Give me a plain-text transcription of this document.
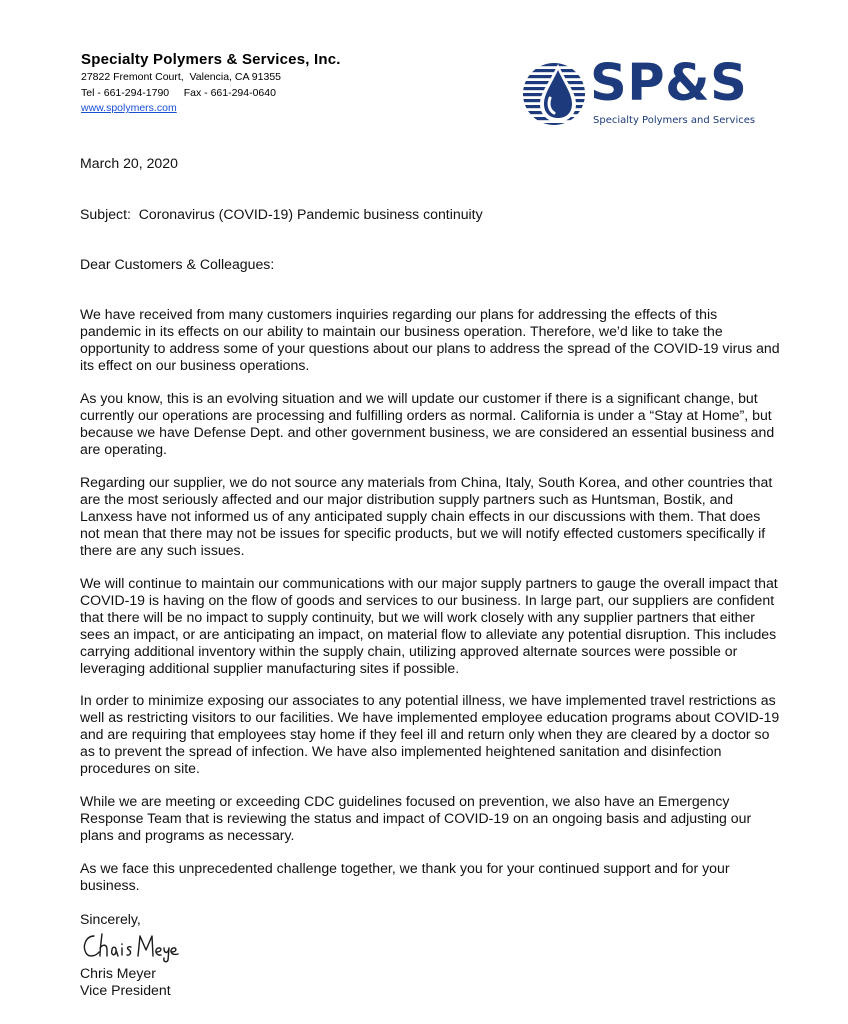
Specialty Polymers & Services, Inc.
27822 Fremont Court,  Valencia, CA 91355
Tel - 661-294-1790     Fax - 661-294-0640
www.spolymers.com	SP&S
Specialty Polymers and Services
March 20, 2020
Subject:  Coronavirus (COVID-19) Pandemic business continuity
Dear Customers & Colleagues:
We have received from many customers inquiries regarding our plans for addressing the effects of this pandemic in its effects on our ability to maintain our business operation. Therefore, we’d like to take the opportunity to address some of your questions about our plans to address the spread of the COVID-19 virus and its effect on our business operations.
As you know, this is an evolving situation and we will update our customer if there is a significant change, but currently our operations are processing and fulfilling orders as normal. California is under a “Stay at Home”, but because we have Defense Dept. and other government business, we are considered an essential business and are operating.
Regarding our supplier, we do not source any materials from China, Italy, South Korea, and other countries that are the most seriously affected and our major distribution supply partners such as Huntsman, Bostik, and Lanxess have not informed us of any anticipated supply chain effects in our discussions with them. That does not mean that there may not be issues for specific products, but we will notify effected customers specifically if there are any such issues.
We will continue to maintain our communications with our major supply partners to gauge the overall impact that COVID-19 is having on the flow of goods and services to our business. In large part, our suppliers are confident that there will be no impact to supply continuity, but we will work closely with any supplier partners that either sees an impact, or are anticipating an impact, on material flow to alleviate any potential disruption. This includes carrying additional inventory within the supply chain, utilizing approved alternate sources were possible or leveraging additional supplier manufacturing sites if possible.
In order to minimize exposing our associates to any potential illness, we have implemented travel restrictions as well as restricting visitors to our facilities. We have implemented employee education programs about COVID-19 and are requiring that employees stay home if they feel ill and return only when they are cleared by a doctor so as to prevent the spread of infection. We have also implemented heightened sanitation and disinfection procedures on site.
While we are meeting or exceeding CDC guidelines focused on prevention, we also have an Emergency Response Team that is reviewing the status and impact of COVID-19 on an ongoing basis and adjusting our plans and programs as necessary.
As we face this unprecedented challenge together, we thank you for your continued support and for your business.
Sincerely,
Chris Meyer
Vice President
